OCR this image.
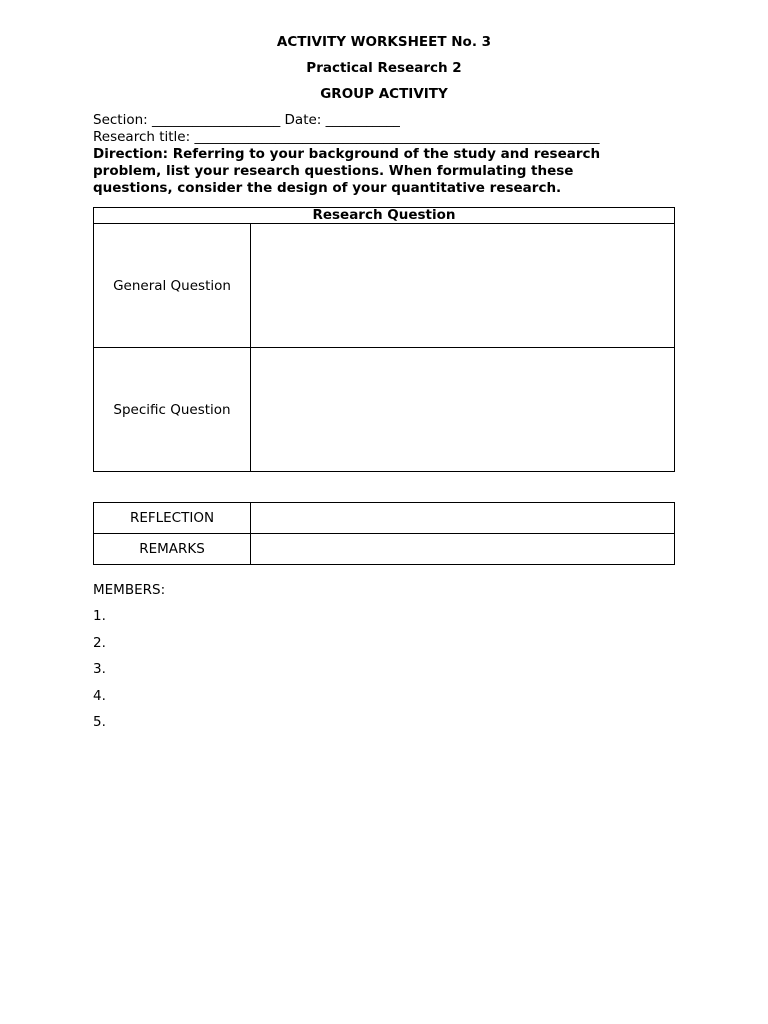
ACTIVITY WORKSHEET No. 3
Practical Research 2
GROUP ACTIVITY
Section: ___________________ Date: ___________
Research title: ____________________________________________________________
Direction: Referring to your background of the study and research problem, list your research questions. When formulating these questions, consider the design of your quantitative research.
Research Question	
General Question	
Specific Question	
REFLECTION	
REMARKS	
MEMBERS:
1.
2.
3.
4.
5.
